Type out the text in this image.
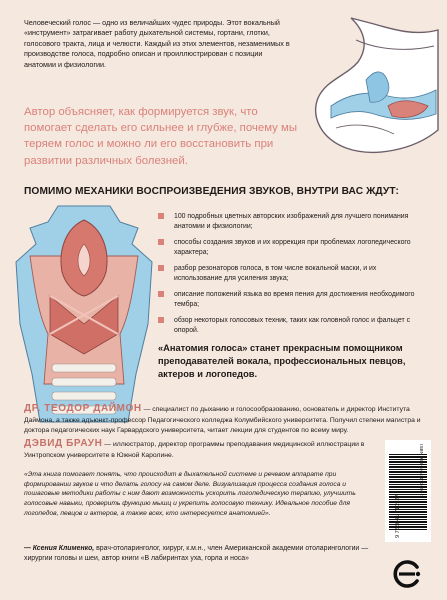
Человеческий голос — одно из величайших чудес природы. Этот вокальный «инструмент» затрагивает работу дыхательной системы, гортани, глотки, голосового тракта, лица и челюсти. Каждый из этих элементов, незаменимых в производстве голоса, подробно описан и проиллюстрирован с позиции анатомии и физиологии.
Автор объясняет, как формируется звук, что помогает сделать его сильнее и глубже, почему мы теряем голос и можно ли его восстановить при развитии различных болезней.
ПОМИМО МЕХАНИКИ ВОСПРОИЗВЕДЕНИЯ ЗВУКОВ, ВНУТРИ ВАС ЖДУТ:
100 подробных цветных авторских изображений для лучшего понимания анатомии и физиологии;
способы создания звуков и их коррекция при проблемах логопедического характера;
разбор резонаторов голоса, в том числе вокальной маски, и их использование для усиления звука;
описание положений языка во время пения для достижения необходимого тембра;
обзор некоторых голосовых техник, таких как головной голос и фальцет с опорой.
«Анатомия голоса» станет прекрасным помощником преподавателей вокала, профессиональных певцов, актеров и логопедов.
ДР. ТЕОДОР ДАЙМОН — специалист по дыханию и голосообразованию, основатель и директор Института Даймона, а также адъюнкт-профессор Педагогического колледжа Колумбийского университета. Получил степени магистра и доктора педагогических наук Гарвардского университета, читает лекции для студентов по всему миру.
ДЭВИД БРАУН — иллюстратор, директор программы преподавания медицинской иллюстрации в Уинтропском университете в Южной Каролине.
«Эта книга помогает понять, что происходит в дыхательной системе и речевом аппарате при формировании звуков и что делать голосу на самом деле. Визуализация процесса создания голоса и пошаговые методики работы с ним дают возможность ускорить логопедическую терапию, улучшить голосовые навыки, проверить функцию мышц и укрепить голосовую технику. Идеальное пособие для логопедов, певцов и актеров, а также всех, кто интересуется анатомией».
— Ксения Клименко, врач-отоларинголог, хирург, к.м.н., член Американской академии отоларингологии — хирургии головы и шеи, автор книги «В лабиринтах уха, горла и носа»
ISBN 978-5-04-171092-7
9 785041 710927
